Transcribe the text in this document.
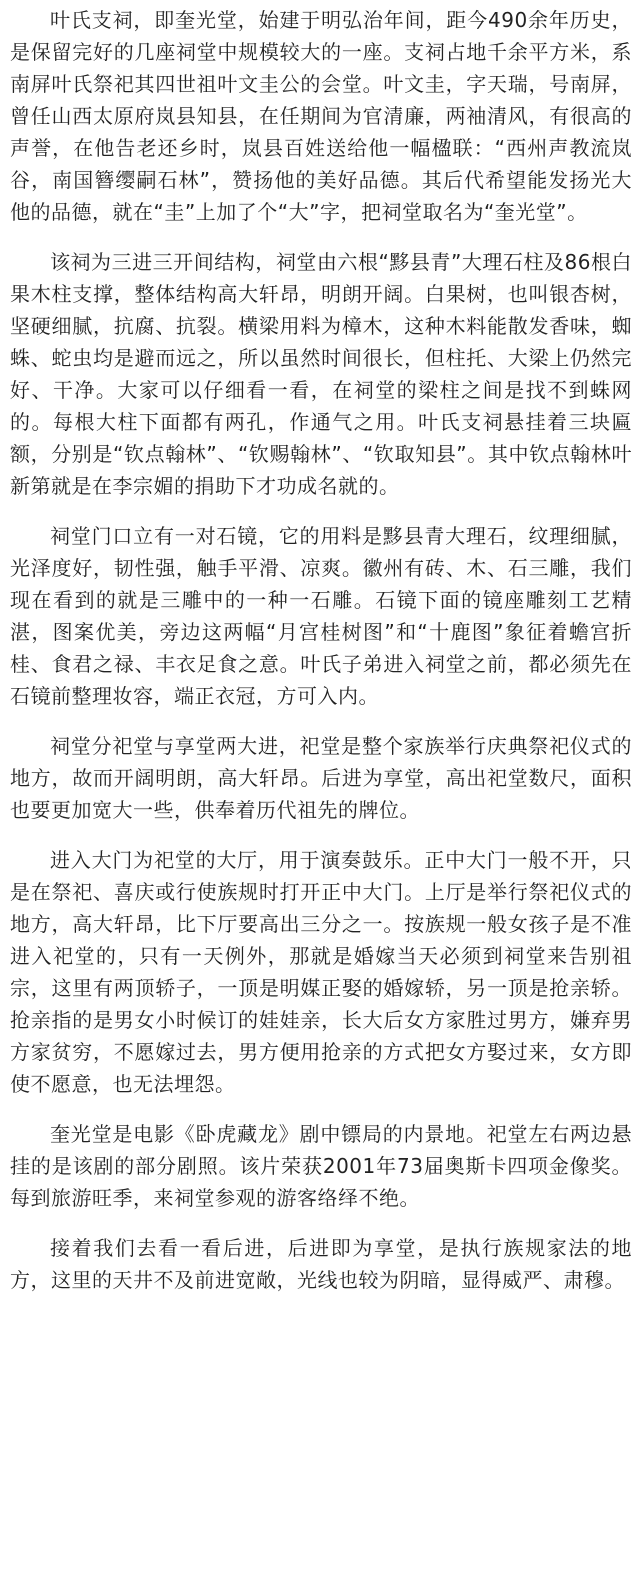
叶氏支祠，即奎光堂，始建于明弘治年间，距今490余年历史，是保留完好的几座祠堂中规模较大的一座。支祠占地千余平方米，系南屏叶氏祭祀其四世祖叶文圭公的会堂。叶文圭，字天瑞，号南屏，曾任山西太原府岚县知县，在任期间为官清廉，两袖清风，有很高的声誉，在他告老还乡时，岚县百姓送给他一幅楹联：“西州声教流岚谷，南国簪缨嗣石林”，赞扬他的美好品德。其后代希望能发扬光大他的品德，就在“圭”上加了个“大”字，把祠堂取名为“奎光堂”。

该祠为三进三开间结构，祠堂由六根“黟县青”大理石柱及86根白果木柱支撑，整体结构高大轩昂，明朗开阔。白果树，也叫银杏树，坚硬细腻，抗腐、抗裂。横梁用料为樟木，这种木料能散发香味，蜘蛛、蛇虫均是避而远之，所以虽然时间很长，但柱托、大梁上仍然完好、干净。大家可以仔细看一看，在祠堂的梁柱之间是找不到蛛网的。每根大柱下面都有两孔，作通气之用。叶氏支祠悬挂着三块匾额，分别是“钦点翰林”、“钦赐翰林”、“钦取知县”。其中钦点翰林叶新第就是在李宗媚的捐助下才功成名就的。

祠堂门口立有一对石镜，它的用料是黟县青大理石，纹理细腻，光泽度好，韧性强，触手平滑、凉爽。徽州有砖、木、石三雕，我们现在看到的就是三雕中的一种一石雕。石镜下面的镜座雕刻工艺精湛，图案优美，旁边这两幅“月宫桂树图”和“十鹿图”象征着蟾宫折桂、食君之禄、丰衣足食之意。叶氏子弟进入祠堂之前，都必须先在石镜前整理妆容，端正衣冠，方可入内。

祠堂分祀堂与享堂两大进，祀堂是整个家族举行庆典祭祀仪式的地方，故而开阔明朗，高大轩昂。后进为享堂，高出祀堂数尺，面积也要更加宽大一些，供奉着历代祖先的牌位。

进入大门为祀堂的大厅，用于演奏鼓乐。正中大门一般不开，只是在祭祀、喜庆或行使族规时打开正中大门。上厅是举行祭祀仪式的地方，高大轩昂，比下厅要高出三分之一。按族规一般女孩子是不准进入祀堂的，只有一天例外，那就是婚嫁当天必须到祠堂来告别祖宗，这里有两顶轿子，一顶是明媒正娶的婚嫁轿，另一顶是抢亲轿。抢亲指的是男女小时候订的娃娃亲，长大后女方家胜过男方，嫌弃男方家贫穷，不愿嫁过去，男方便用抢亲的方式把女方娶过来，女方即使不愿意，也无法埋怨。

奎光堂是电影《卧虎藏龙》剧中镖局的内景地。祀堂左右两边悬挂的是该剧的部分剧照。该片荣获2001年73届奥斯卡四项金像奖。每到旅游旺季，来祠堂参观的游客络绎不绝。

接着我们去看一看后进，后进即为享堂，是执行族规家法的地方，这里的天井不及前进宽敞，光线也较为阴暗，显得威严、肃穆。
